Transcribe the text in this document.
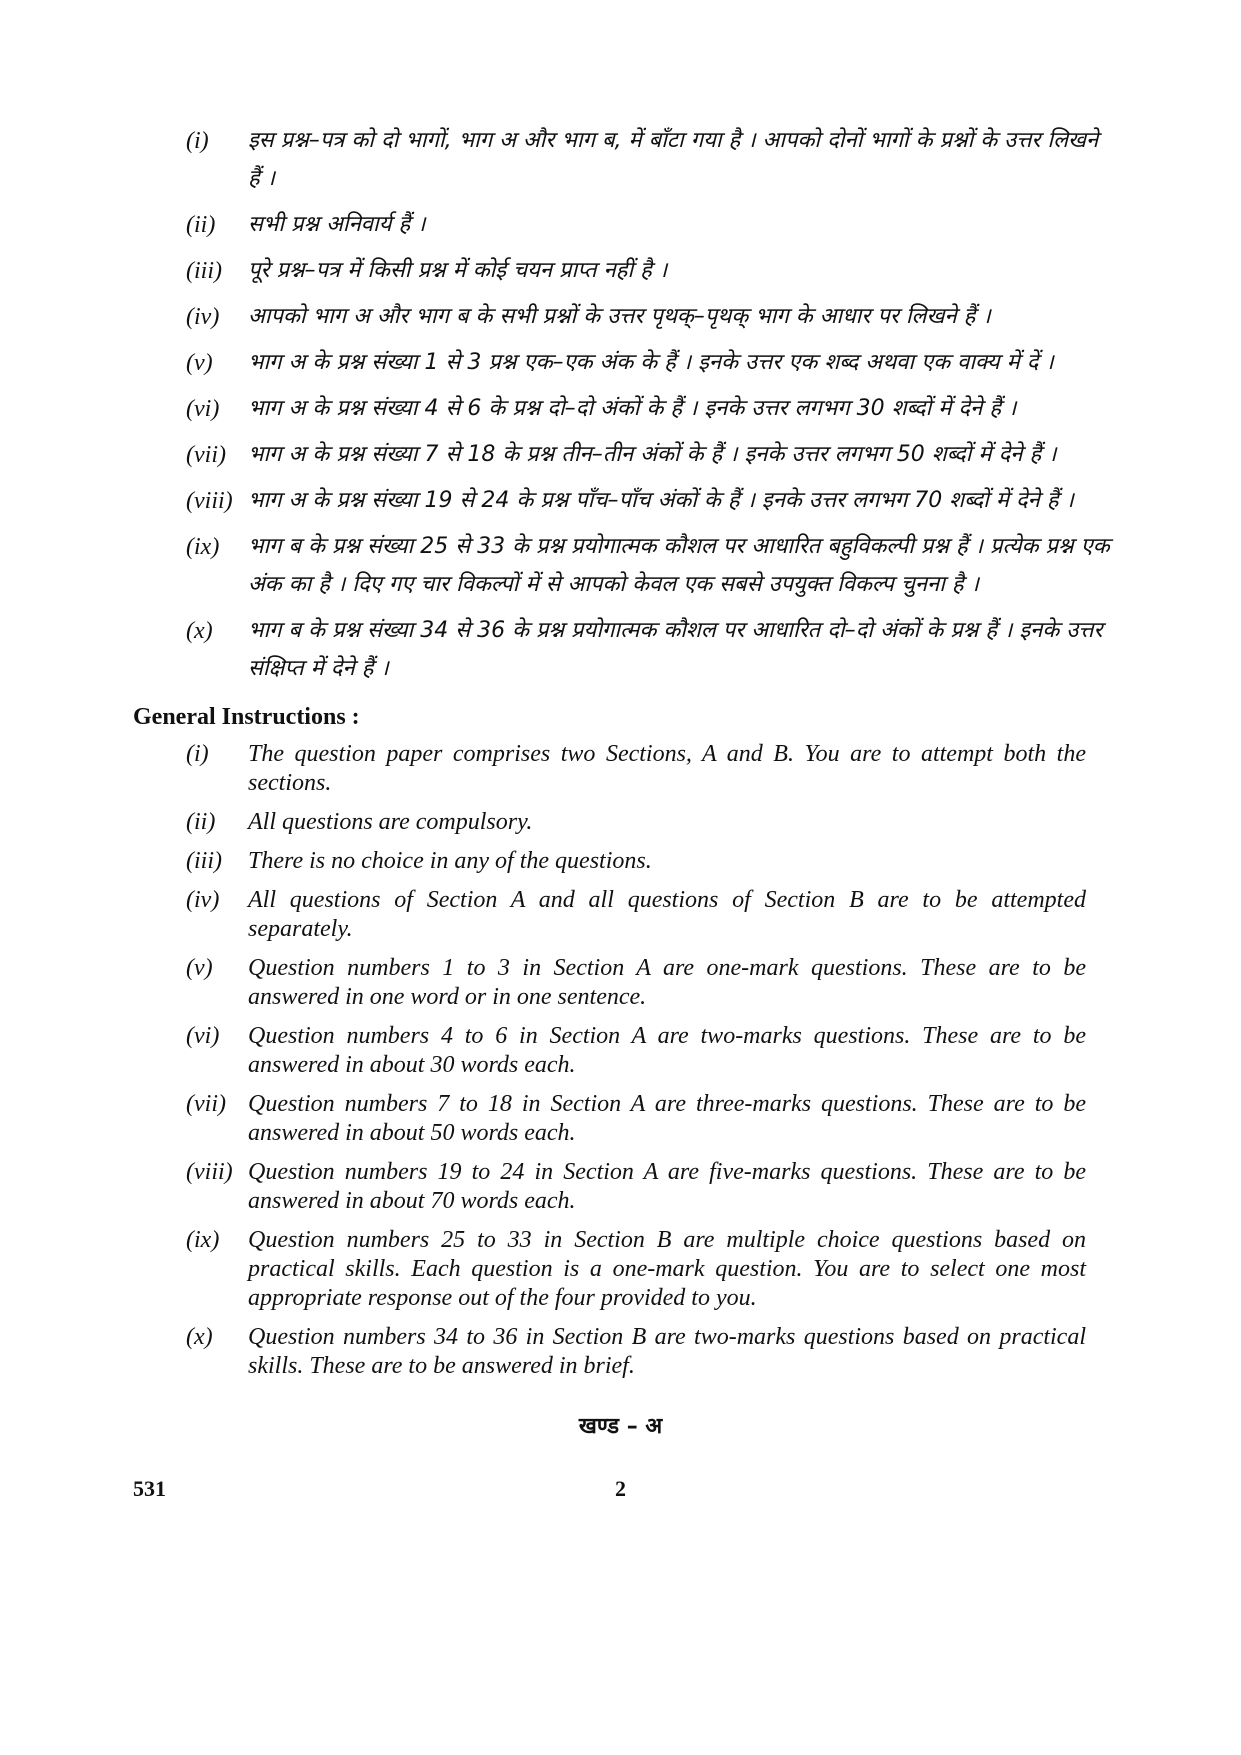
(i)	इस प्रश्न–पत्र को दो भागों, भाग अ और भाग ब, में बाँटा गया है । आपको दोनों भागों के प्रश्नों के उत्तर लिखने हैं ।
(ii)	सभी प्रश्न अनिवार्य हैं ।
(iii)	पूरे प्रश्न–पत्र में किसी प्रश्न में कोई चयन प्राप्त नहीं है ।
(iv)	आपको भाग अ और भाग ब के सभी प्रश्नों के उत्तर पृथक्–पृथक् भाग के आधार पर लिखने हैं ।
(v)	भाग अ के प्रश्न संख्या 1 से 3 प्रश्न एक–एक अंक के हैं । इनके उत्तर एक शब्द अथवा एक वाक्य में दें ।
(vi)	भाग अ के प्रश्न संख्या 4 से 6 के प्रश्न दो–दो अंकों के हैं । इनके उत्तर लगभग 30 शब्दों में देने हैं ।
(vii)	भाग अ के प्रश्न संख्या 7 से 18 के प्रश्न तीन–तीन अंकों के हैं । इनके उत्तर लगभग 50 शब्दों में देने हैं ।
(viii) भाग अ के प्रश्न संख्या 19 से 24 के प्रश्न पाँच–पाँच अंकों के हैं । इनके उत्तर लगभग 70 शब्दों में देने हैं ।
(ix)	भाग ब के प्रश्न संख्या 25 से 33 के प्रश्न प्रयोगात्मक कौशल पर आधारित बहुविकल्पी प्रश्न हैं । प्रत्येक प्रश्न एक अंक का है । दिए गए चार विकल्पों में से आपको केवल एक सबसे उपयुक्त विकल्प चुनना है ।
(x)	भाग ब के प्रश्न संख्या 34 से 36 के प्रश्न प्रयोगात्मक कौशल पर आधारित दो–दो अंकों के प्रश्न हैं । इनके उत्तर संक्षिप्त में देने हैं ।
General Instructions :
(i)	The question paper comprises two Sections, A and B. You are to attempt both the sections.
(ii)	All questions are compulsory.
(iii)	There is no choice in any of the questions.
(iv)	All questions of Section A and all questions of Section B are to be attempted separately.
(v)	Question numbers 1 to 3 in Section A are one-mark questions. These are to be answered in one word or in one sentence.
(vi)	Question numbers 4 to 6 in Section A are two-marks questions. These are to be answered in about 30 words each.
(vii) Question numbers 7 to 18 in Section A are three-marks questions. These are to be answered in about 50 words each.
(viii) Question numbers 19 to 24 in Section A are five-marks questions. These are to be answered in about 70 words each.
(ix)	Question numbers 25 to 33 in Section B are multiple choice questions based on practical skills. Each question is a one-mark question. You are to select one most appropriate response out of the four provided to you.
(x)	Question numbers 34 to 36 in Section B are two-marks questions based on practical skills. These are to be answered in brief.
खण्ड – अ
531	2
